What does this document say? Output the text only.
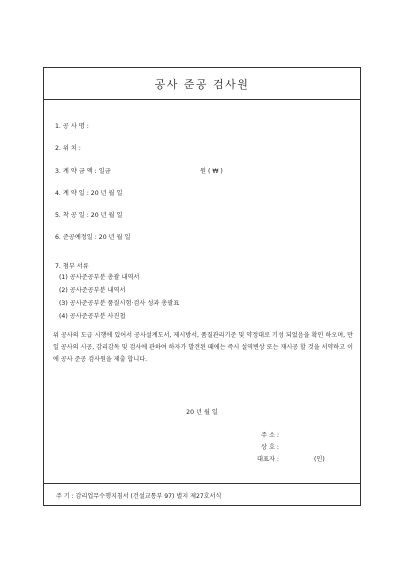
공사 준공 검사원
1. 공 사 명 :
2. 위 치 :
3. 계 약 금 액 : 일금	원 ( ₩ )
4. 계 약 일 : 20 년 월 일
5. 착 공 일 : 20 년 월 일
6. 준공예정일 : 20 년 월 일
7. 첨부 서류
(1) 공사준공부분 총괄 내역서
(2) 공사준공부분 내역서
(3) 공사준공부분 품질시험·검사 성과 총괄표
(4) 공사준공부분 사진첩
위 공사의 도급 시행에 있어서 공사설계도서, 제시방서, 품질관리기준 및 약정대로 기성 되었음을 확인 하오며, 만일 공사의 시공, 감리감독 및 검사에 관하여 하자가 발견된 때에는 즉시 설역변상 또는 재시공 할 것을 서약하고 이에 공사 준공 검사원을 제출 합니다.
20 년 월 일
주 소 :
상 호 :
대표자 :	(인)
주 기 : 감리업무수행지침서 (건설교통부 97) 별지 제27호서식
